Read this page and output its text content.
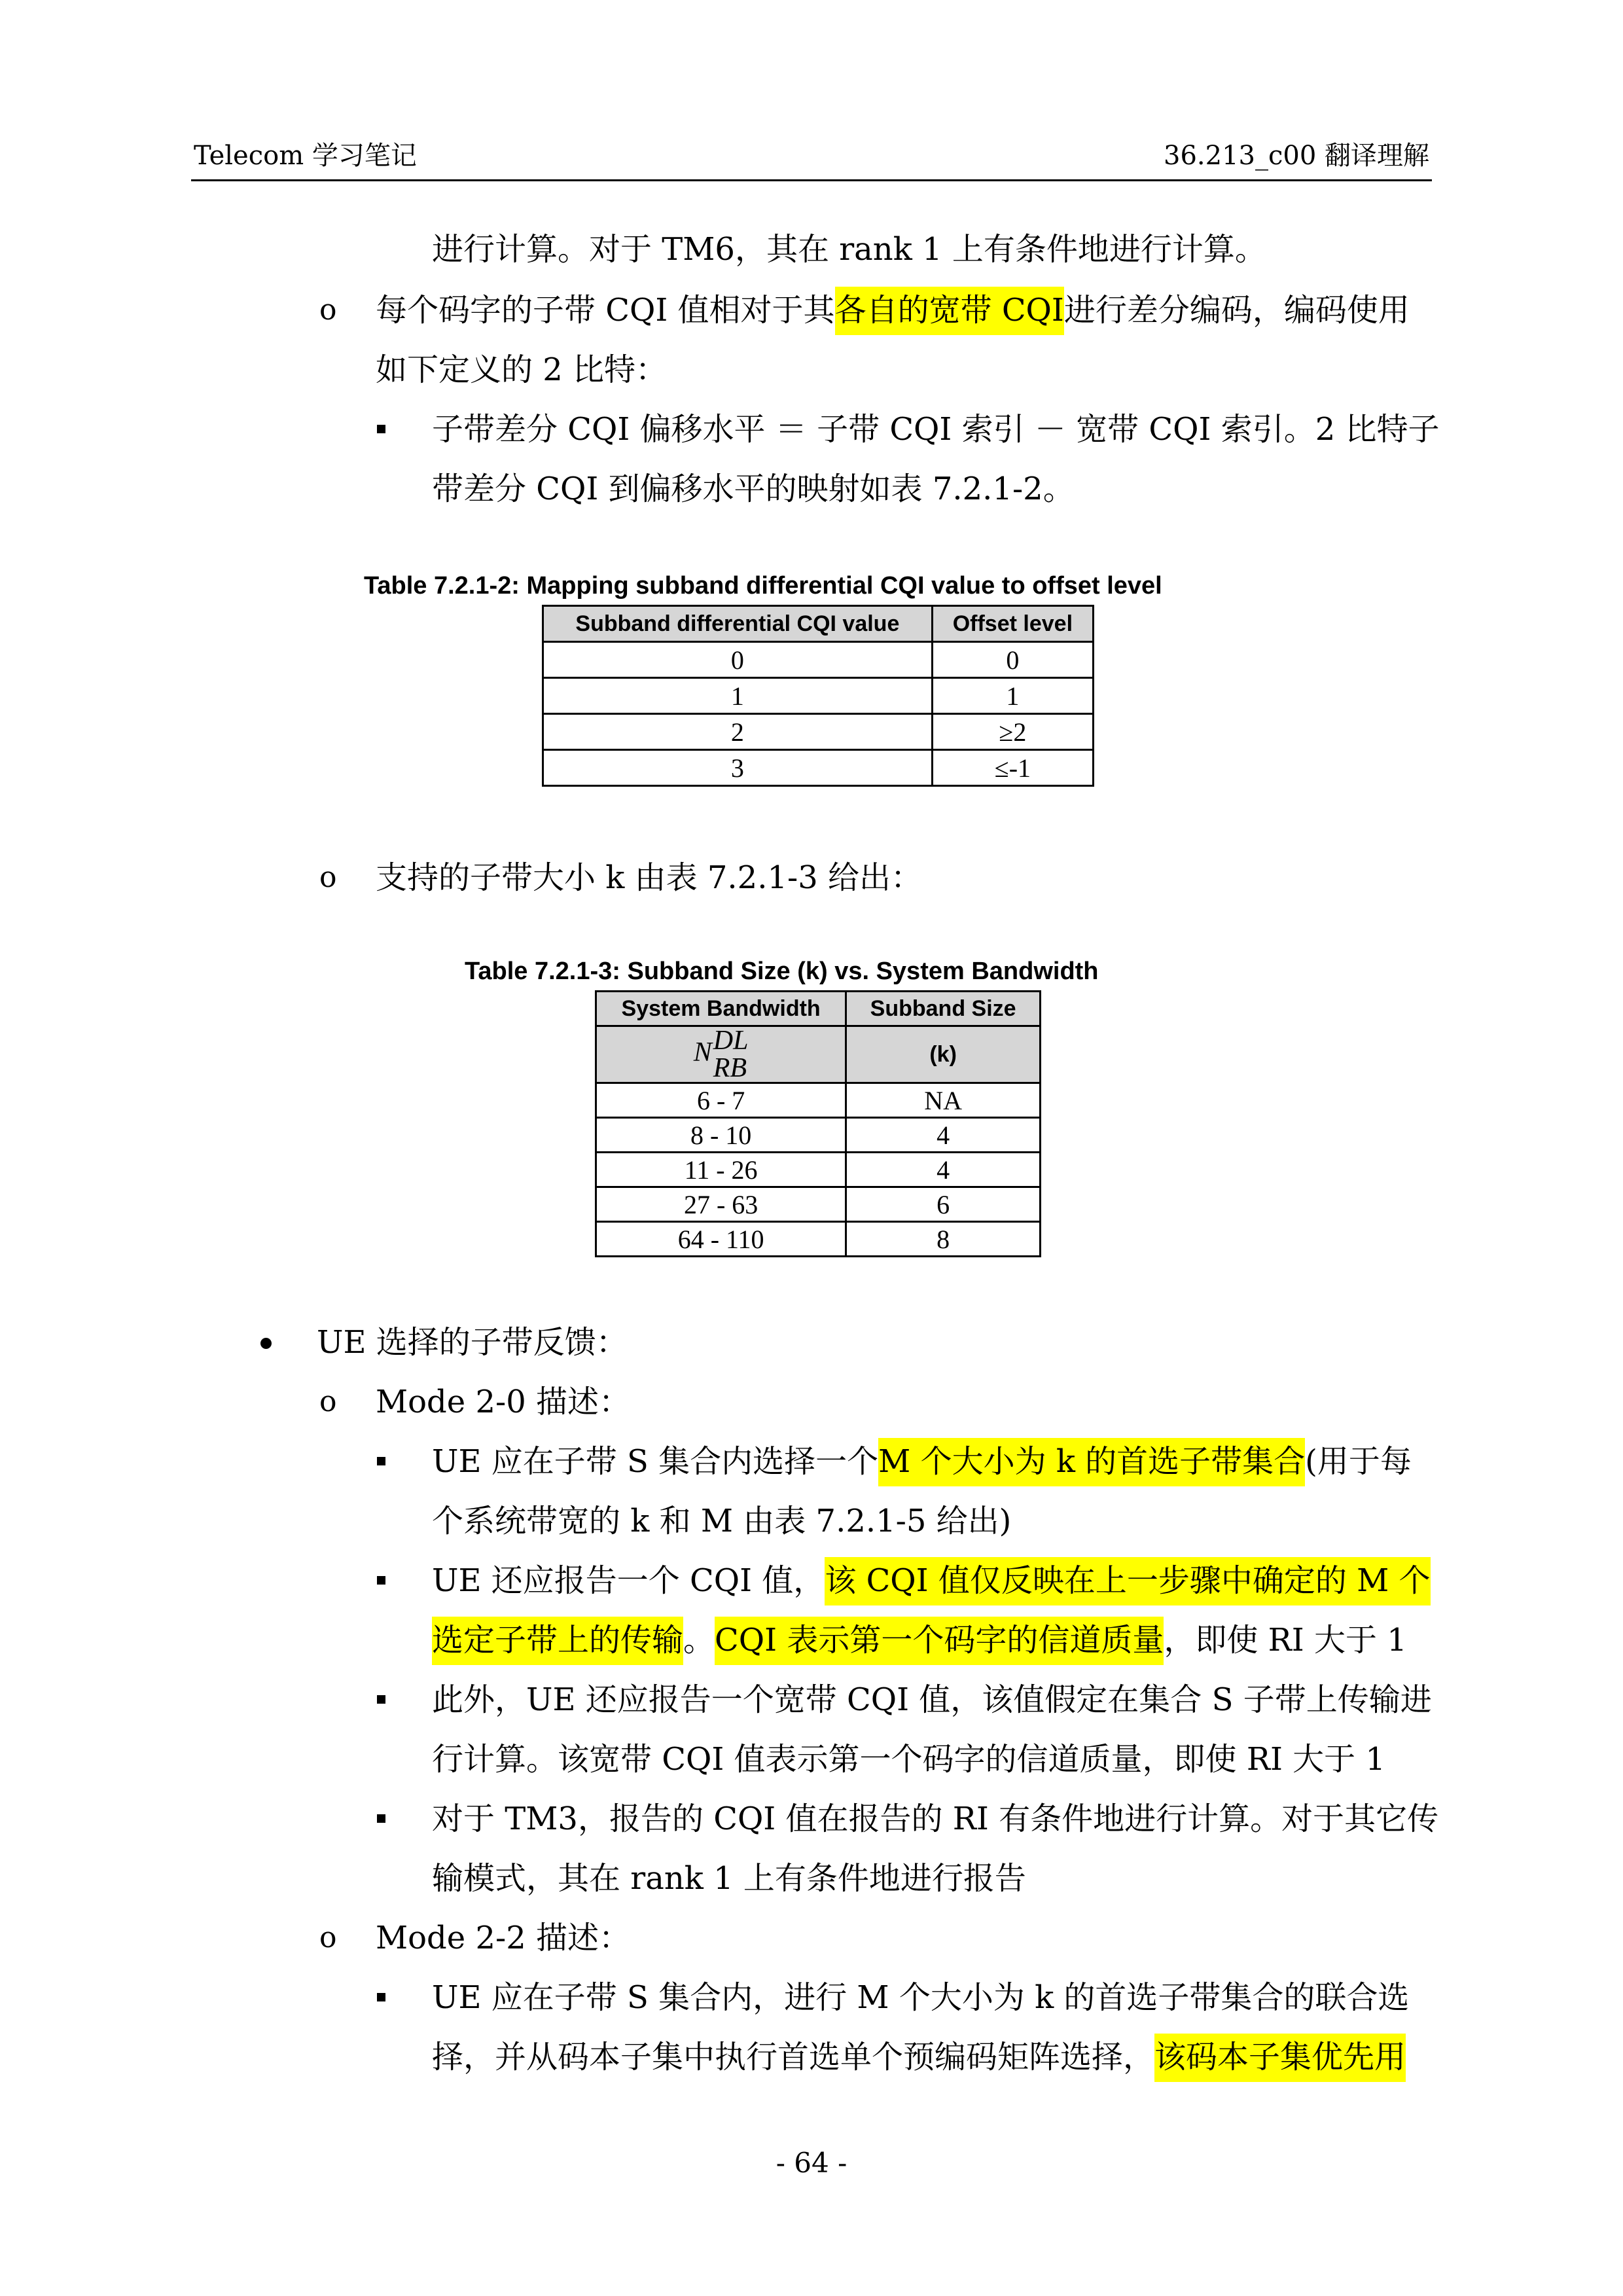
Telecom 学习笔记	36.213_c00 翻译理解
进行计算。对于 TM6，其在 rank 1 上有条件地进行计算。
o 每个码字的子带 CQI 值相对于其各自的宽带 CQI进行差分编码，编码使用
如下定义的 2 比特：
子带差分 CQI 偏移水平 ＝ 子带 CQI 索引 － 宽带 CQI 索引。2 比特子
带差分 CQI 到偏移水平的映射如表 7.2.1-2。
Table 7.2.1-2: Mapping subband differential CQI value to offset level
Subband differential CQI value	Offset level
0	0
1	1
2	≥2
3	≤-1
o 支持的子带大小 k 由表 7.2.1-3 给出：
Table 7.2.1-3: Subband Size (k) vs. System Bandwidth
System Bandwidth	Subband Size
N DL
RB	(k)
6 - 7	NA
8 - 10	4
11 - 26	4
27 - 63	6
64 - 110	8
UE 选择的子带反馈：
o Mode 2-0 描述：
UE 应在子带 S 集合内选择一个M 个大小为 k 的首选子带集合(用于每
个系统带宽的 k 和 M 由表 7.2.1-5 给出)
UE 还应报告一个 CQI 值，该 CQI 值仅反映在上一步骤中确定的 M 个
选定子带上的传输。CQI 表示第一个码字的信道质量，即使 RI 大于 1
此外，UE 还应报告一个宽带 CQI 值，该值假定在集合 S 子带上传输进
行计算。该宽带 CQI 值表示第一个码字的信道质量，即使 RI 大于 1
对于 TM3，报告的 CQI 值在报告的 RI 有条件地进行计算。对于其它传
输模式，其在 rank 1 上有条件地进行报告
o Mode 2-2 描述：
UE 应在子带 S 集合内，进行 M 个大小为 k 的首选子带集合的联合选
择，并从码本子集中执行首选单个预编码矩阵选择，该码本子集优先用
- 64 -
